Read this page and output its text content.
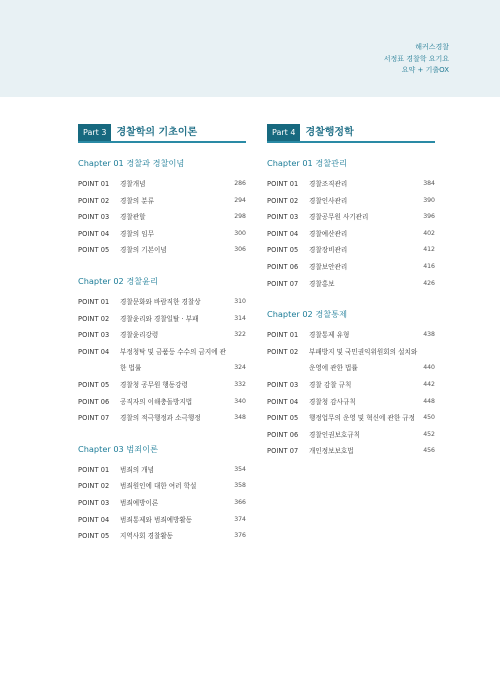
해커스경찰
서정표 경찰학 요기요
요약 + 기출OX
Part 3	경찰학의 기초이론
Chapter 01 경찰과 경찰이념
POINT 01	경찰개념	286
POINT 02	경찰의 분류	294
POINT 03	경찰관할	298
POINT 04	경찰의 임무	300
POINT 05	경찰의 기본이념	306
Chapter 02 경찰윤리
POINT 01	경찰문화와 바람직한 경찰상	310
POINT 02	경찰윤리와 경찰일탈 · 부패	314
POINT 03	경찰윤리강령	322
POINT 04	부정청탁 및 금품등 수수의 금지에 관한 법률	324
POINT 05	경찰청 공무원 행동강령	332
POINT 06	공직자의 이해충돌방지법	340
POINT 07	경찰의 적극행정과 소극행정	348
Chapter 03 범죄이론
POINT 01	범죄의 개념	354
POINT 02	범죄원인에 대한 여러 학설	358
POINT 03	범죄예방이론	366
POINT 04	범죄통제와 범죄예방활동	374
POINT 05	지역사회 경찰활동	376
Part 4	경찰행정학
Chapter 01 경찰관리
POINT 01	경찰조직관리	384
POINT 02	경찰인사관리	390
POINT 03	경찰공무원 사기관리	396
POINT 04	경찰예산관리	402
POINT 05	경찰장비관리	412
POINT 06	경찰보안관리	416
POINT 07	경찰홍보	426
Chapter 02 경찰통제
POINT 01	경찰통제 유형	438
POINT 02	부패방지 및 국민권익위원회의 설치와 운영에 관한 법률	440
POINT 03	경찰 감찰 규칙	442
POINT 04	경찰청 감사규칙	448
POINT 05	행정업무의 운영 및 혁신에 관한 규정	450
POINT 06	경찰인권보호규칙	452
POINT 07	개인정보보호법	456
